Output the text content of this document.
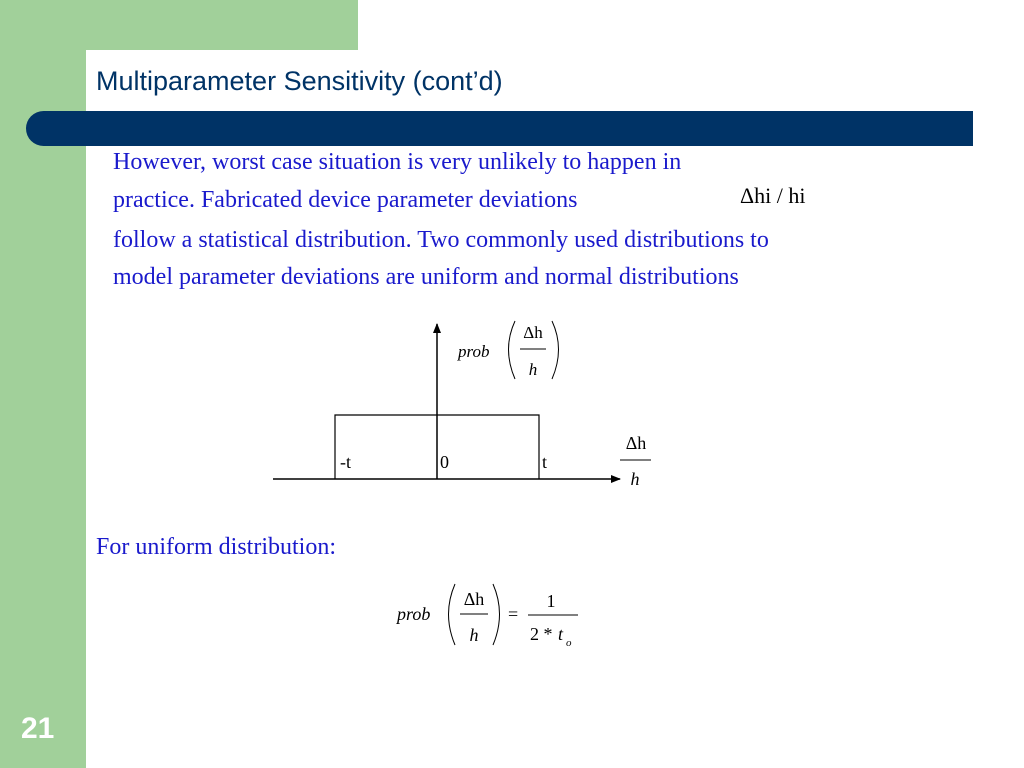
Multiparameter Sensitivity (cont’d)
However, worst case situation is very unlikely to happen in
practice. Fabricated device parameter deviations	Δhi / hi
follow a statistical distribution. Two commonly used distributions to
model parameter deviations are uniform and normal distributions
prob
Δh
h
-t	0	t
Δh
h
prob
Δh
h
=
1
2 * t o
For uniform distribution:
21
